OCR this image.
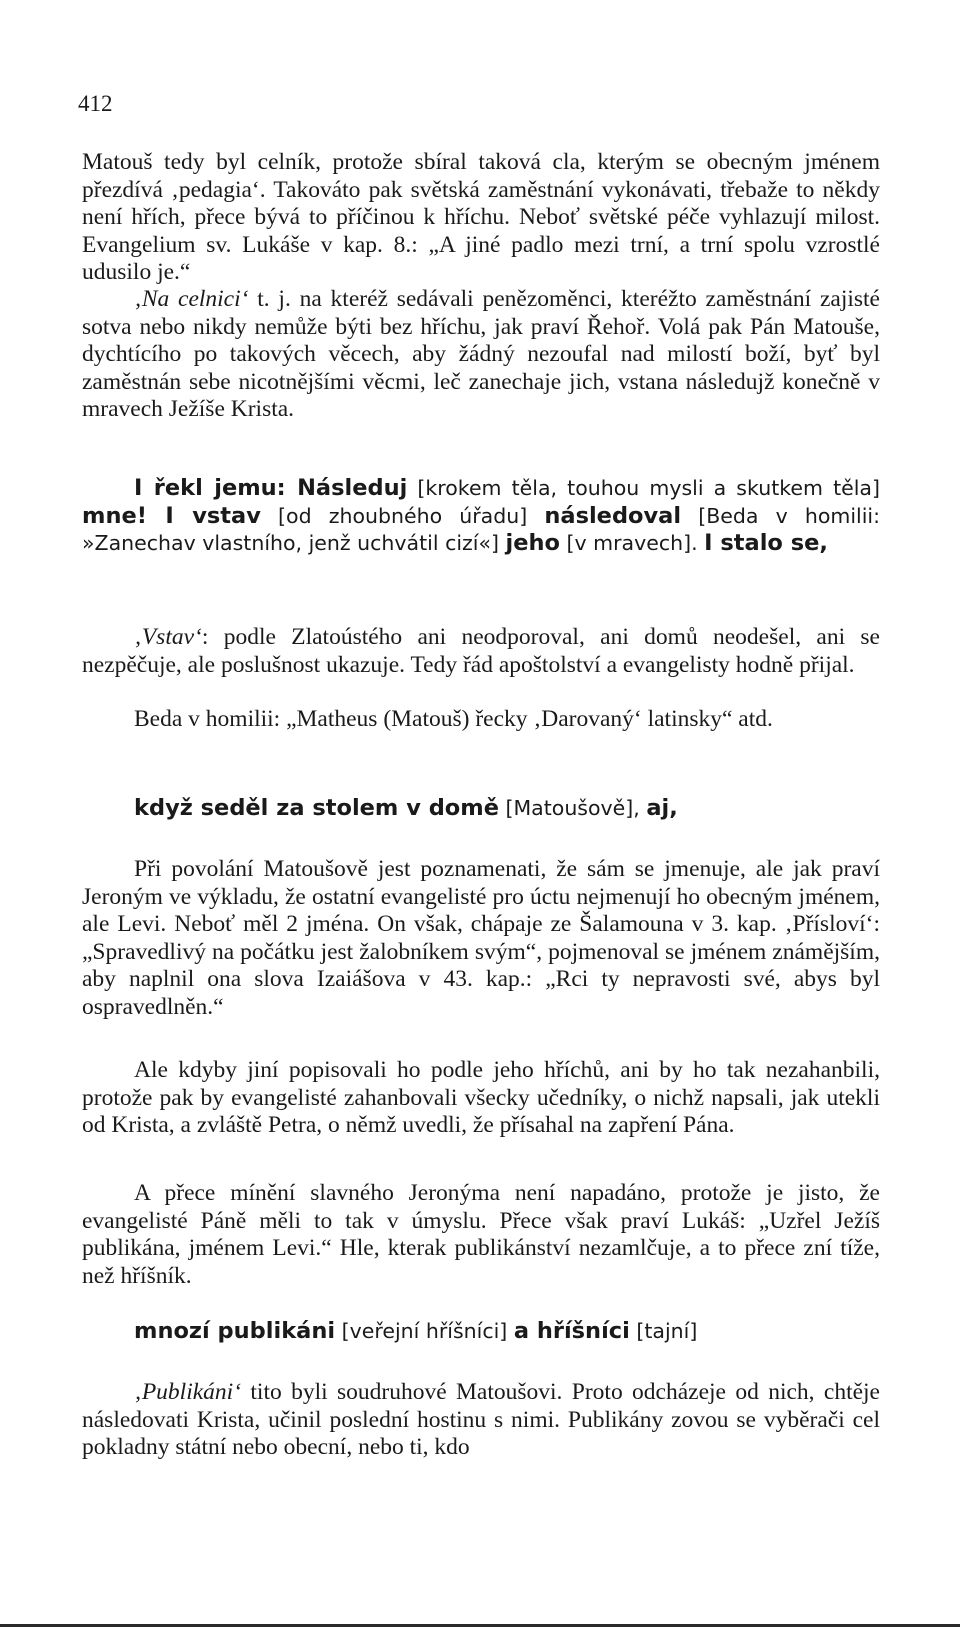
412

Matouš tedy byl celník, protože sbíral taková cla, kterým se obecným jménem přezdívá ‚pedagia‘. Takováto pak světská zaměstnání vykonávati, třebaže to někdy není hřích, přece bývá to příčinou k hříchu. Neboť světské péče vyhlazují milost. Evangelium sv. Lukáše v kap. 8.: „A jiné padlo mezi trní, a trní spolu vzrostlé udusilo je.“

‚Na celnici‘ t. j. na kteréž sedávali penězoměnci, kteréžto zaměstnání zajisté sotva nebo nikdy nemůže býti bez hříchu, jak praví Řehoř. Volá pak Pán Matouše, dychtícího po takových věcech, aby žádný nezoufal nad milostí boží, byť byl zaměstnán sebe nicotnějšími věcmi, leč zanechaje jich, vstana následujž konečně v mravech Ježíše Krista.

I řekl jemu: Následuj [krokem těla, touhou mysli a skutkem těla] mne! I vstav [od zhoubného úřadu] následoval [Beda v homilii: »Zanechav vlastního, jenž uchvátil cizí«] jeho [v mravech]. I stalo se,

‚Vstav‘: podle Zlatoústého ani neodporoval, ani domů neodešel, ani se nezpěčuje, ale poslušnost ukazuje. Tedy řád apoštolství a evangelisty hodně přijal.

Beda v homilii: „Matheus (Matouš) řecky ‚Darovaný‘ latinsky“ atd.

když seděl za stolem v domě [Matoušově], aj,

Při povolání Matoušově jest poznamenati, že sám se jmenuje, ale jak praví Jeroným ve výkladu, že ostatní evangelisté pro úctu nejmenují ho obecným jménem, ale Levi. Neboť měl 2 jména. On však, chápaje ze Šalamouna v 3. kap. ‚Přísloví‘: „Spravedlivý na počátku jest žalobníkem svým“, pojmenoval se jménem známějším, aby naplnil ona slova Izaiášova v 43. kap.: „Rci ty nepravosti své, abys byl ospravedlněn.“

Ale kdyby jiní popisovali ho podle jeho hříchů, ani by ho tak nezahanbili, protože pak by evangelisté zahanbovali všecky učedníky, o nichž napsali, jak utekli od Krista, a zvláště Petra, o němž uvedli, že přísahal na zapření Pána.

A přece mínění slavného Jeronýma není napadáno, protože je jisto, že evangelisté Páně měli to tak v úmyslu. Přece však praví Lukáš: „Uzřel Ježíš publikána, jménem Levi.“ Hle, kterak publikánství nezamlčuje, a to přece zní tíže, než hříšník.

mnozí publikáni [veřejní hříšníci] a hříšníci [tajní]

‚Publikáni‘ tito byli soudruhové Matoušovi. Proto odcházeje od nich, chtěje následovati Krista, učinil poslední hostinu s nimi. Publikány zovou se vyběrači cel pokladny státní nebo obecní, nebo ti, kdo
